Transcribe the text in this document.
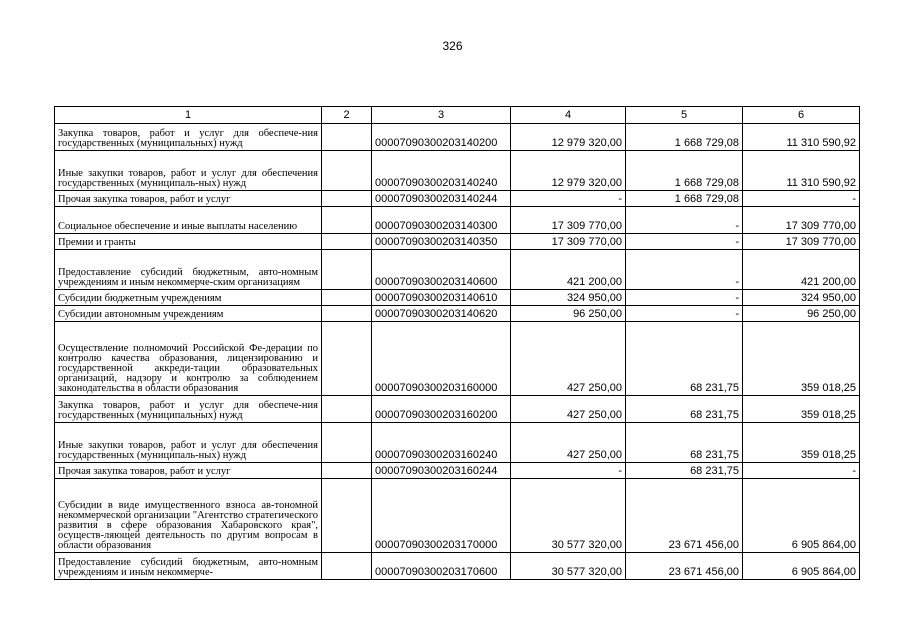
326
1	2	3	4	5	6
Закупка товаров, работ и услуг для обеспече-ния государственных (муниципальных) нужд		00007090300203140200	12 979 320,00	1 668 729,08	11 310 590,92
Иные закупки товаров, работ и услуг для обеспечения государственных (муниципаль-ных) нужд		00007090300203140240	12 979 320,00	1 668 729,08	11 310 590,92
Прочая закупка товаров, работ и услуг		00007090300203140244	-	1 668 729,08	-
Социальное обеспечение и иные выплаты населению		00007090300203140300	17 309 770,00	-	17 309 770,00
Премии и гранты		00007090300203140350	17 309 770,00	-	17 309 770,00
Предоставление субсидий бюджетным, авто-номным учреждениям и иным некоммерче-ским организациям		00007090300203140600	421 200,00	-	421 200,00
Субсидии бюджетным учреждениям		00007090300203140610	324 950,00	-	324 950,00
Субсидии автономным учреждениям		00007090300203140620	96 250,00	-	96 250,00
Осуществление полномочий Российской Фе-дерации по контролю качества образования, лицензированию и государственной аккреди-тации образовательных организаций, надзору и контролю за соблюдением законодательства в области образования		00007090300203160000	427 250,00	68 231,75	359 018,25
Закупка товаров, работ и услуг для обеспече-ния государственных (муниципальных) нужд		00007090300203160200	427 250,00	68 231,75	359 018,25
Иные закупки товаров, работ и услуг для обеспечения государственных (муниципаль-ных) нужд		00007090300203160240	427 250,00	68 231,75	359 018,25
Прочая закупка товаров, работ и услуг		00007090300203160244	-	68 231,75	-
Субсидии в виде имущественного взноса ав-тономной некоммерческой организации "Агентство стратегического развития в сфере образования Хабаровского края", осуществ-ляющей деятельность по другим вопросам в области образования		00007090300203170000	30 577 320,00	23 671 456,00	6 905 864,00
Предоставление субсидий бюджетным, авто-номным учреждениям и иным некоммерче-		00007090300203170600	30 577 320,00	23 671 456,00	6 905 864,00
